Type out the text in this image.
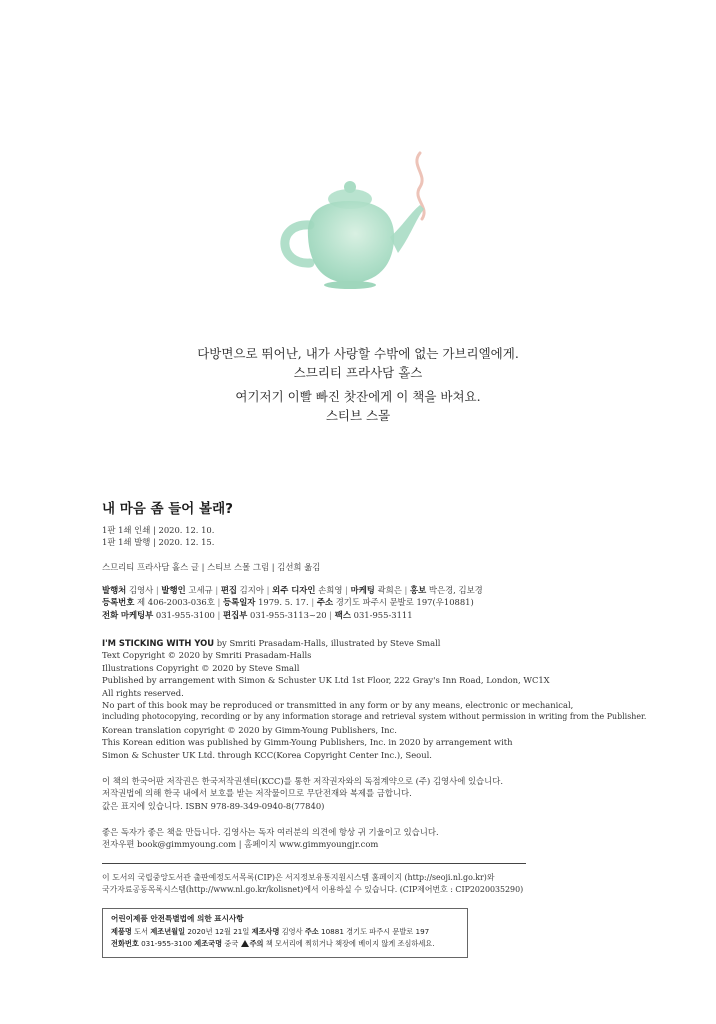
다방면으로 뛰어난, 내가 사랑할 수밖에 없는 가브리엘에게.
스므리티 프라사담 홀스
여기저기 이빨 빠진 찻잔에게 이 책을 바쳐요.
스티브 스몰
내 마음 좀 들어 볼래?
1판 1쇄 인쇄 | 2020. 12. 10.
1판 1쇄 발행 | 2020. 12. 15.
스므리티 프라사담 홀스 글 | 스티브 스몰 그림 | 김선희 옮김
발행처 김영사 | 발행인 고세규 | 편집 김지아 | 외주 디자인 손희영 | 마케팅 곽희은 | 홍보 박은경, 김보경
등록번호 제 406-2003-036호 | 등록일자 1979. 5. 17. | 주소 경기도 파주시 문발로 197(우10881)
전화 마케팅부 031-955-3100 | 편집부 031-955-3113~20 | 팩스 031-955-3111
I'M STICKING WITH YOU by Smriti Prasadam-Halls, illustrated by Steve Small
Text Copyright © 2020 by Smriti Prasadam-Halls
Illustrations Copyright © 2020 by Steve Small
Published by arrangement with Simon & Schuster UK Ltd 1st Floor, 222 Gray's Inn Road, London, WC1X
All rights reserved.
No part of this book may be reproduced or transmitted in any form or by any means, electronic or mechanical,
including photocopying, recording or by any information storage and retrieval system without permission in writing from the Publisher.
Korean translation copyright © 2020 by Gimm-Young Publishers, Inc.
This Korean edition was published by Gimm-Young Publishers, Inc. in 2020 by arrangement with
Simon & Schuster UK Ltd. through KCC(Korea Copyright Center Inc.), Seoul.
이 책의 한국어판 저작권은 한국저작권센터(KCC)를 통한 저작권자와의 독점계약으로 (주) 김영사에 있습니다.
저작권법에 의해 한국 내에서 보호를 받는 저작물이므로 무단전재와 복제를 금합니다.
값은 표지에 있습니다. ISBN 978-89-349-0940-8(77840)
좋은 독자가 좋은 책을 만듭니다. 김영사는 독자 여러분의 의견에 항상 귀 기울이고 있습니다.
전자우편 book@gimmyoung.com | 홈페이지 www.gimmyoungjr.com
이 도서의 국립중앙도서관 출판예정도서목록(CIP)은 서지정보유통지원시스템 홈페이지 (http://seoji.nl.go.kr)와
국가자료공동목록시스템(http://www.nl.go.kr/kolisnet)에서 이용하실 수 있습니다. (CIP제어번호 : CIP2020035290)
어린이제품 안전특별법에 의한 표시사항
제품명 도서 제조년월일 2020년 12월 21일 제조사명 김영사 주소 10881 경기도 파주시 문발로 197
전화번호 031-955-3100 제조국명 중국 주의 책 모서리에 찍히거나 책장에 베이지 않게 조심하세요.
